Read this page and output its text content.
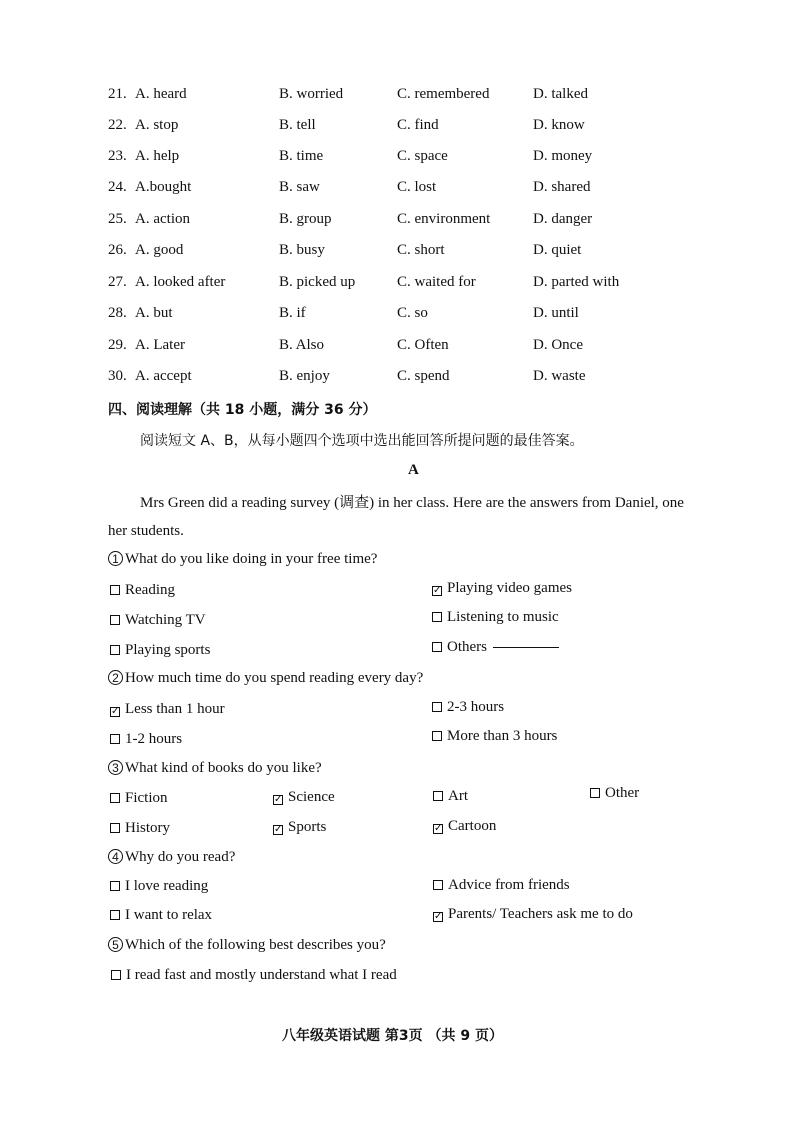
21. A. heard	B. worried	C. remembered	D. talked
22. A. stop	B. tell	C. find	D. know
23. A. help	B. time	C. space	D. money
24. A.bought	B. saw	C. lost	D. shared
25. A. action	B. group	C. environment	D. danger
26. A. good	B. busy	C. short	D. quiet
27. A. looked after	B. picked up	C. waited for	D. parted with
28. A. but	B. if	C. so	D. until
29. A. Later	B. Also	C. Often	D. Once
30. A. accept	B. enjoy	C. spend	D. waste
四、阅读理解（共 18 小题，满分 36 分）
阅读短文 A、B，从每小题四个选项中选出能回答所提问题的最佳答案。
A
Mrs Green did a reading survey (调查) in her class. Here are the answers from Daniel, one
her students.
1 What do you like doing in your free time?
Reading	✓ Playing video games
Watching TV	Listening to music
Playing sports	Others
2 How much time do you spend reading every day?
✓ Less than 1 hour	2-3 hours
1-2 hours	More than 3 hours
3 What kind of books do you like?
Fiction	✓ Science	Art	Other
History	✓ Sports	✓ Cartoon
4 Why do you read?
I love reading	Advice from friends
I want to relax	✓ Parents/ Teachers ask me to do
5 Which of the following best describes you?
I read fast and mostly understand what I read
八年级英语试题 第3页 （共 9 页）
